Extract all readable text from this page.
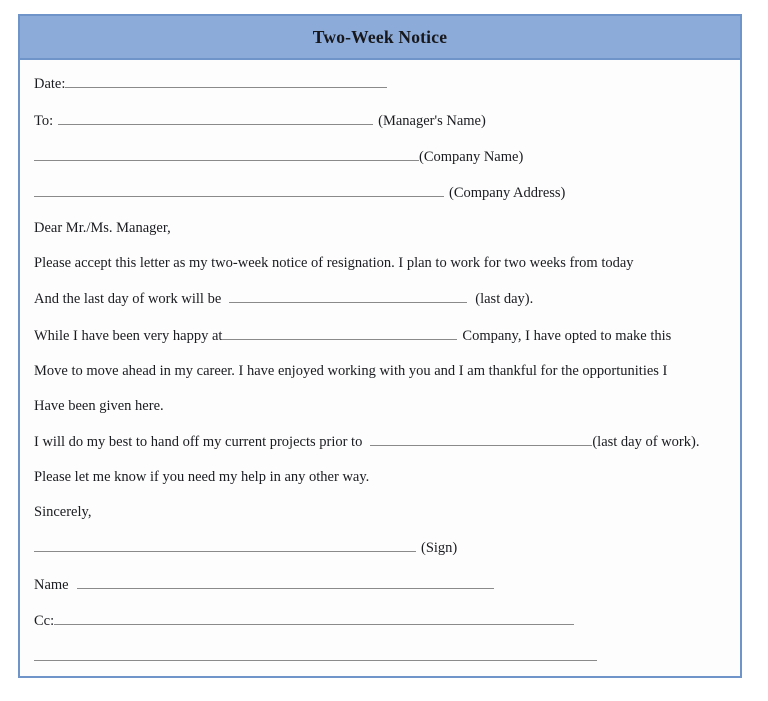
Two-Week Notice
Date:
To:	(Manager's Name)
(Company Name)
(Company Address)
Dear Mr./Ms. Manager,
Please accept this letter as my two-week notice of resignation. I plan to work for two weeks from today
And the last day of work will be	(last day).
While I have been very happy at	Company, I have opted to make this
Move to move ahead in my career. I have enjoyed working with you and I am thankful for the opportunities I
Have been given here.
I will do my best to hand off my current projects prior to	(last day of work).
Please let me know if you need my help in any other way.
Sincerely,
(Sign)
Name
Cc:
